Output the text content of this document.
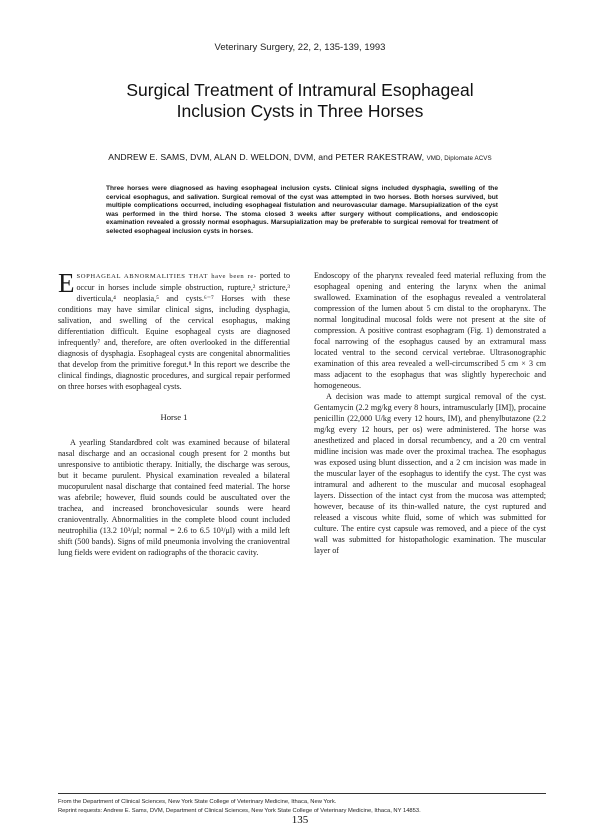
Veterinary Surgery, 22, 2, 135-139, 1993
Surgical Treatment of Intramural Esophageal
Inclusion Cysts in Three Horses
ANDREW E. SAMS, DVM, ALAN D. WELDON, DVM, and PETER RAKESTRAW, VMD, Diplomate ACVS
Three horses were diagnosed as having esophageal inclusion cysts. Clinical signs included dysphagia, swelling of the cervical esophagus, and salivation. Surgical removal of the cyst was attempted in two horses. Both horses survived, but multiple complications occurred, including esophageal fistulation and neurovascular damage. Marsupialization of the cyst was performed in the third horse. The stoma closed 3 weeks after surgery without complications, and endoscopic examination revealed a grossly normal esophagus. Marsupialization may be preferable to surgical removal for treatment of selected esophageal inclusion cysts in horses.

ESOPHAGEAL ABNORMALITIES THAT have been re- ported to occur in horses include simple obstruction, rupture,² stricture,³ diverticula,⁴ neoplasia,⁵ and cysts.⁶⁻⁷ Horses with these conditions may have similar clinical signs, including dysphagia, salivation, and swelling of the cervical esophagus, making differentiation difficult. Equine esophageal cysts are diagnosed infrequently⁷ and, therefore, are often overlooked in the differential diagnosis of dysphagia. Esophageal cysts are congenital abnormalities that develop from the primitive foregut.⁸ In this report we describe the clinical findings, diagnostic procedures, and surgical repair performed on three horses with esophageal cysts.

Horse 1

A yearling Standardbred colt was examined because of bilateral nasal discharge and an occasional cough present for 2 months but unresponsive to antibiotic therapy. Initially, the discharge was serous, but it became purulent. Physical examination revealed a bilateral mucopurulent nasal discharge that contained feed material. The horse was afebrile; however, fluid sounds could be auscultated over the trachea, and increased bronchovesicular sounds were heard cranioventrally. Abnormalities in the complete blood count included neutrophilia (13.2 10³/μl; normal = 2.6 to 6.5 10³/μl) with a mild left shift (500 bands). Signs of mild pneumonia involving the cranioventral lung fields were evident on radiographs of the thoracic cavity.

Endoscopy of the pharynx revealed feed material refluxing from the esophageal opening and entering the larynx when the animal swallowed. Examination of the esophagus revealed a ventrolateral compression of the lumen about 5 cm distal to the oropharynx. The normal longitudinal mucosal folds were not present at the site of compression. A positive contrast esophagram (Fig. 1) demonstrated a focal narrowing of the esophagus caused by an extramural mass located ventral to the second cervical vertebrae. Ultrasonographic examination of this area revealed a well-circumscribed 5 cm × 3 cm mass adjacent to the esophagus that was slightly hyperechoic and homogeneous.

A decision was made to attempt surgical removal of the cyst. Gentamycin (2.2 mg/kg every 8 hours, intramuscularly [IM]), procaine penicillin (22,000 U/kg every 12 hours, IM), and phenylbutazone (2.2 mg/kg every 12 hours, per os) were administered. The horse was anesthetized and placed in dorsal recumbency, and a 20 cm ventral midline incision was made over the proximal trachea. The esophagus was exposed using blunt dissection, and a 2 cm incision was made in the muscular layer of the esophagus to identify the cyst. The cyst was intramural and adherent to the muscular and mucosal esophageal layers. Dissection of the intact cyst from the mucosa was attempted; however, because of its thin-walled nature, the cyst ruptured and released a viscous white fluid, some of which was submitted for culture. The entire cyst capsule was removed, and a piece of the cyst wall was submitted for histopathologic examination. The muscular layer of

From the Department of Clinical Sciences, New York State College of Veterinary Medicine, Ithaca, New York.
Reprint requests: Andrew E. Sams, DVM, Department of Clinical Sciences, New York State College of Veterinary Medicine, Ithaca, NY 14853.
135
